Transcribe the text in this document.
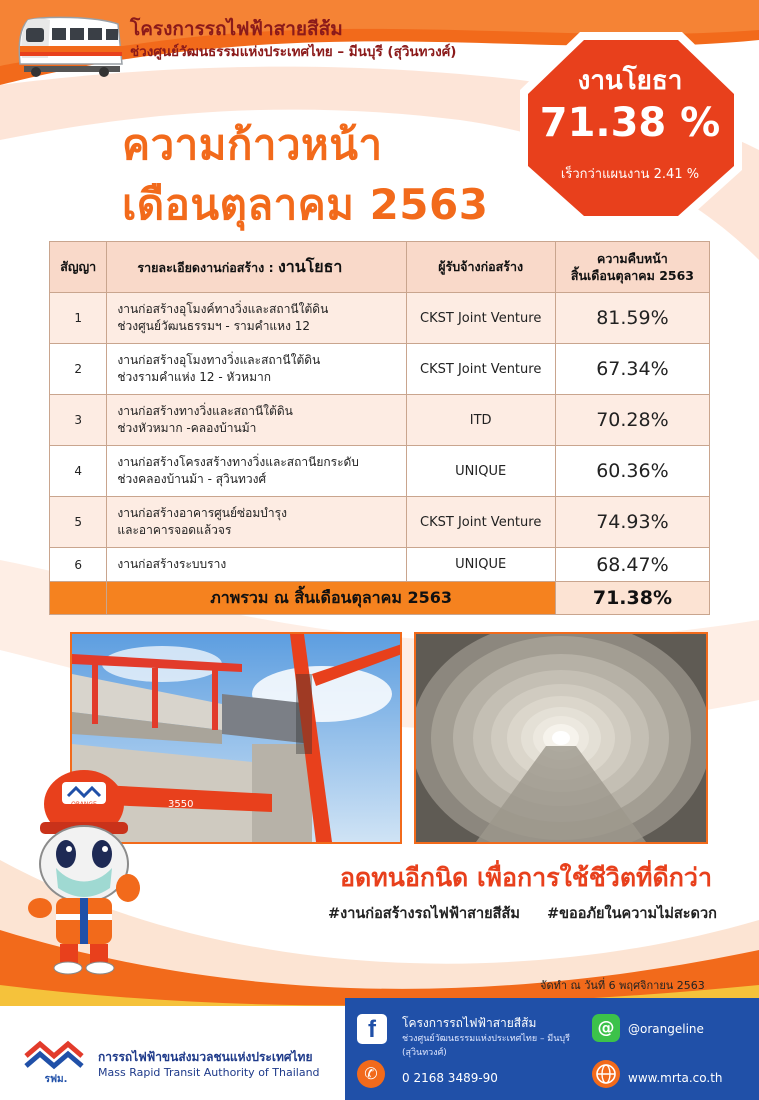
โครงการรถไฟฟ้าสายสีส้ม
ช่วงศูนย์วัฒนธรรมแห่งประเทศไทย – มีนบุรี (สุวินทวงศ์)
ความก้าวหน้า
เดือนตุลาคม 2563
งานโยธา
71.38 %
เร็วกว่าแผนงาน 2.41 %
สัญญา	รายละเอียดงานก่อสร้าง : งานโยธา	ผู้รับจ้างก่อสร้าง	ความคืบหน้า
สิ้นเดือนตุลาคม 2563

1	งานก่อสร้างอุโมงค์ทางวิ่งและสถานีใต้ดิน
ช่วงศูนย์วัฒนธรรมฯ - รามคำแหง 12	CKST Joint Venture	81.59%
2	งานก่อสร้างอุโมงทางวิ่งและสถานีใต้ดิน
ช่วงรามคำแห่ง 12 - หัวหมาก	CKST Joint Venture	67.34%
3	งานก่อสร้างทางวิ่งและสถานีใต้ดิน
ช่วงหัวหมาก -คลองบ้านม้า	ITD	70.28%
4	งานก่อสร้างโครงสร้างทางวิ่งและสถานียกระดับ
ช่วงคลองบ้านม้า - สุวินทวงศ์	UNIQUE	60.36%
5	งานก่อสร้างอาคารศูนย์ซ่อมบำรุง
และอาคารจอดแล้วจร	CKST Joint Venture	74.93%
6	งานก่อสร้างระบบราง	UNIQUE	68.47%
	ภาพรวม ณ สิ้นเดือนตุลาคม 2563		71.38%
3550
ORANGE
อดทนอีกนิด เพื่อการใช้ชีวิตที่ดีกว่า
#งานก่อสร้างรถไฟฟ้าสายสีส้ม #ขออภัยในความไม่สะดวก
จัดทำ ณ วันที่ 6 พฤศจิกายน 2563
รฟม.
การรถไฟฟ้าขนส่งมวลชนแห่งประเทศไทย
Mass Rapid Transit Authority of Thailand
f	โครงการรถไฟฟ้าสายสีส้ม
ช่วงศูนย์วัฒนธรรมแห่งประเทศไทย – มีนบุรี
(สุวินทวงศ์)
✆	0 2168 3489-90
@	@orangeline
www.mrta.co.th
